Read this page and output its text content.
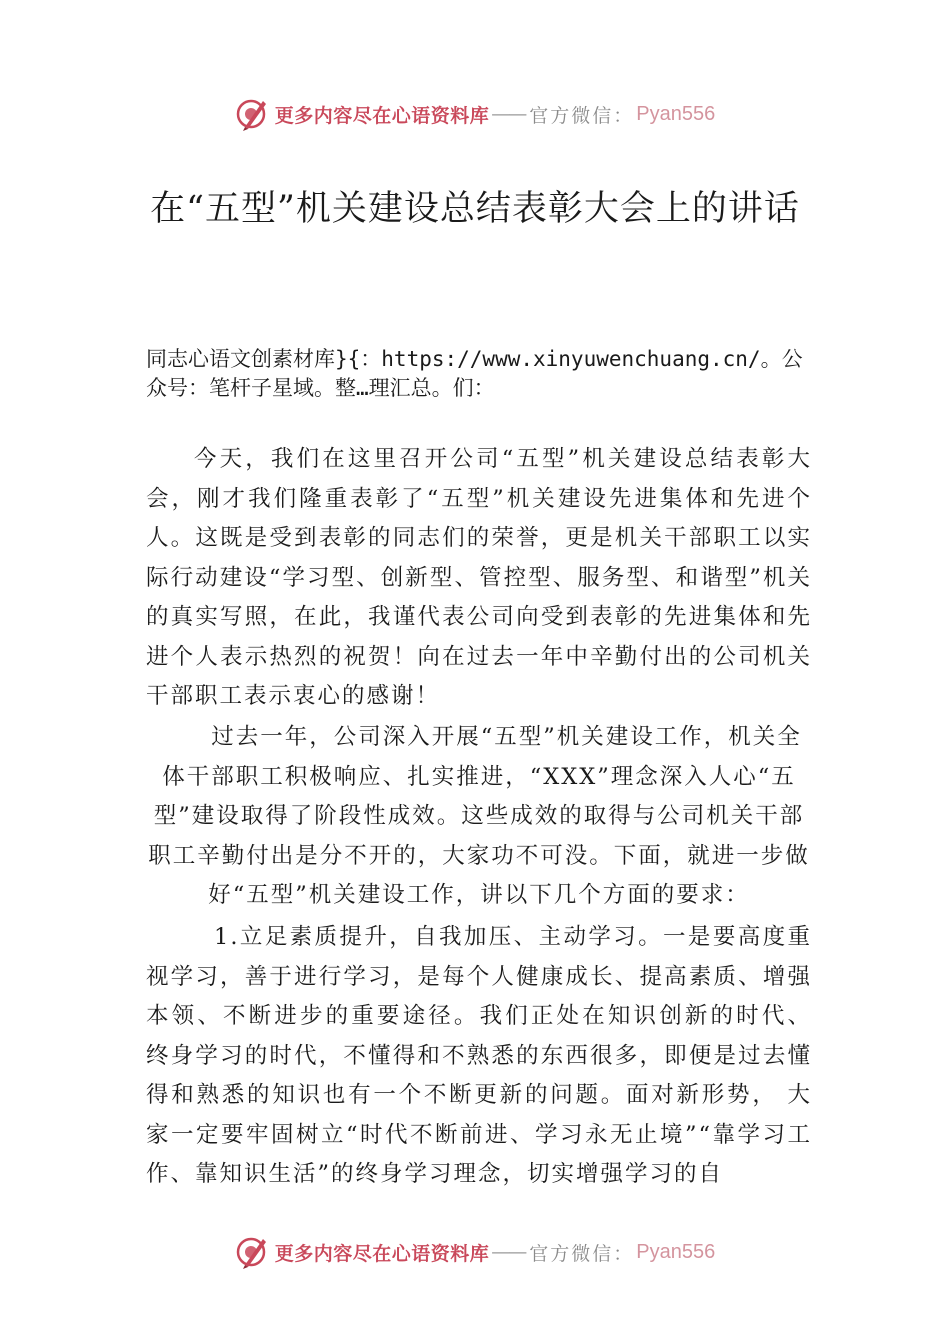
更多内容尽在心语资料库 —— 官方微信： Pyan556
在“五型”机关建设总结表彰大会上的讲话

同志心语文创素材库}{：https://www.xinyuwenchuang.cn/。公众号：笔杆子星域。整…理汇总。们：

今天，我们在这里召开公司“五型”机关建设总结表彰大会，刚才我们隆重表彰了“五型”机关建设先进集体和先进个人。这既是受到表彰的同志们的荣誉，更是机关干部职工以实际行动建设“学习型、创新型、管控型、服务型、和谐型”机关的真实写照，在此，我谨代表公司向受到表彰的先进集体和先进个人表示热烈的祝贺！向在过去一年中辛勤付出的公司机关干部职工表示衷心的感谢！

过去一年，公司深入开展“五型”机关建设工作，机关全体干部职工积极响应、扎实推进，“XXX”理念深入人心“五型”建设取得了阶段性成效。这些成效的取得与公司机关干部职工辛勤付出是分不开的，大家功不可没。下面，就进一步做好“五型”机关建设工作，讲以下几个方面的要求：

1.立足素质提升，自我加压、主动学习。一是要高度重视学习，善于进行学习，是每个人健康成长、提高素质、增强本领、不断进步的重要途径。我们正处在知识创新的时代、 终身学习的时代，不懂得和不熟悉的东西很多，即便是过去懂得和熟悉的知识也有一个不断更新的问题。面对新形势， 大家一定要牢固树立“时代不断前进、学习永无止境”“靠学习工作、靠知识生活”的终身学习理念，切实增强学习的自

更多内容尽在心语资料库 —— 官方微信： Pyan556
